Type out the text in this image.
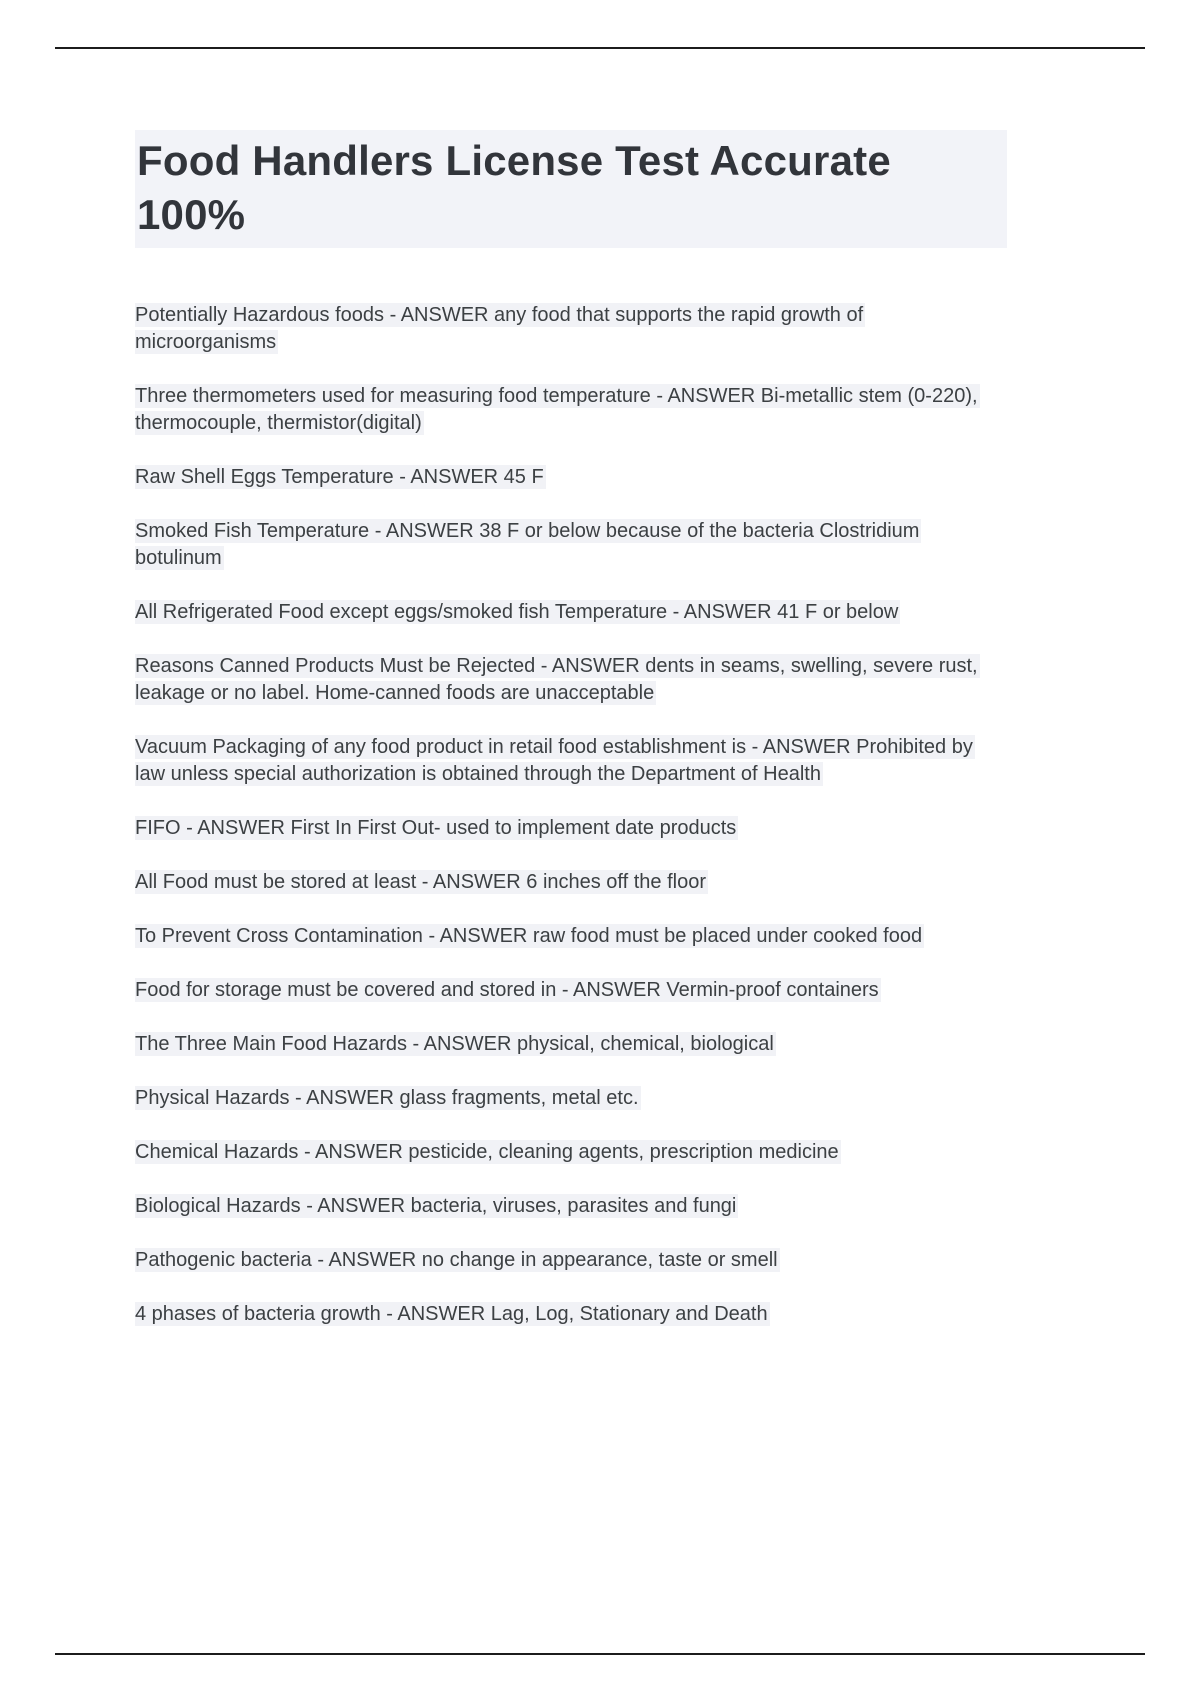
Food Handlers License Test Accurate 100%

Potentially Hazardous foods - ANSWER any food that supports the rapid growth of microorganisms

Three thermometers used for measuring food temperature - ANSWER Bi-metallic stem (0-220), thermocouple, thermistor(digital)

Raw Shell Eggs Temperature - ANSWER 45 F

Smoked Fish Temperature - ANSWER 38 F or below because of the bacteria Clostridium botulinum

All Refrigerated Food except eggs/smoked fish Temperature - ANSWER 41 F or below

Reasons Canned Products Must be Rejected - ANSWER dents in seams, swelling, severe rust, leakage or no label. Home-canned foods are unacceptable

Vacuum Packaging of any food product in retail food establishment is - ANSWER Prohibited by law unless special authorization is obtained through the Department of Health

FIFO - ANSWER First In First Out- used to implement date products

All Food must be stored at least - ANSWER 6 inches off the floor

To Prevent Cross Contamination - ANSWER raw food must be placed under cooked food

Food for storage must be covered and stored in - ANSWER Vermin-proof containers

The Three Main Food Hazards - ANSWER physical, chemical, biological

Physical Hazards - ANSWER glass fragments, metal etc.

Chemical Hazards - ANSWER pesticide, cleaning agents, prescription medicine

Biological Hazards - ANSWER bacteria, viruses, parasites and fungi

Pathogenic bacteria - ANSWER no change in appearance, taste or smell

4 phases of bacteria growth - ANSWER Lag, Log, Stationary and Death
